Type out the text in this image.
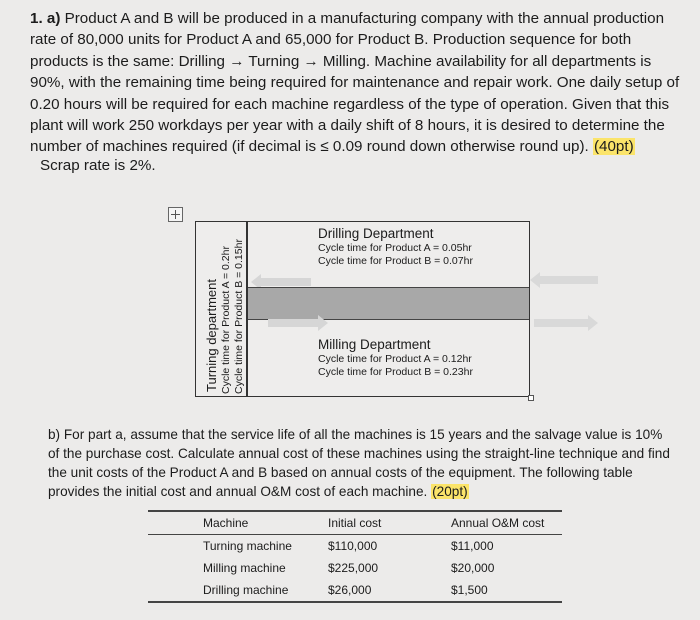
1. a) Product A and B will be produced in a manufacturing company with the annual production rate of 80,000 units for Product A and 65,000 for Product B. Production sequence for both products is the same: Drilling → Turning → Milling. Machine availability for all departments is 90%, with the remaining time being required for maintenance and repair work. One daily setup of 0.20 hours will be required for each machine regardless of the type of operation. Given that this plant will work 250 workdays per year with a daily shift of 8 hours, it is desired to determine the number of machines required (if decimal is ≤ 0.09 round down otherwise round up). (40pt)
Scrap rate is 2%.
Turning department Cycle time for Product A = 0.2hr Cycle time for Product B = 0.15hr
Drilling Department
Cycle time for Product A = 0.05hr
Cycle time for Product B = 0.07hr
Milling Department
Cycle time for Product A = 0.12hr
Cycle time for Product B = 0.23hr
b) For part a, assume that the service life of all the machines is 15 years and the salvage value is 10% of the purchase cost. Calculate annual cost of these machines using the straight-line technique and find the unit costs of the Product A and B based on annual costs of the equipment. The following table provides the initial cost and annual O&M cost of each machine. (20pt)
Machine	Initial cost	Annual O&M cost
Turning machine	$110,000	$11,000
Milling machine	$225,000	$20,000
Drilling machine	$26,000	$1,500
